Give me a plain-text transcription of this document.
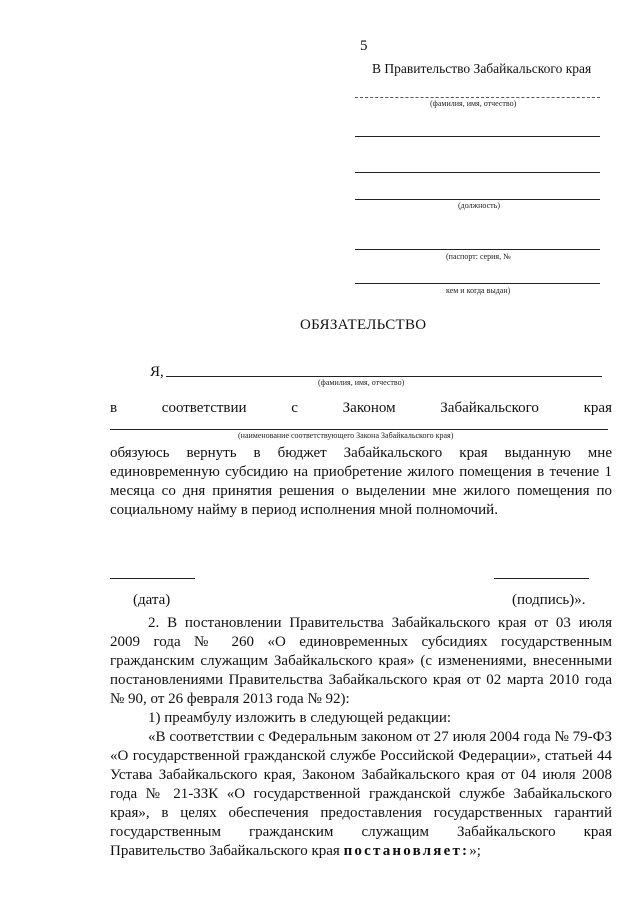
5
В Правительство Забайкальского края
(фамилия, имя, отчество)
(должность)
(паспорт: серия, №
кем и когда выдан)
ОБЯЗАТЕЛЬСТВО
Я,
(фамилия, имя, отчество)
в	соответствии	с	Законом	Забайкальского	края
(наименование соответствующего Закона Забайкальского края)

обязуюсь вернуть в бюджет Забайкальского края выданную мне единовременную субсидию на приобретение жилого помещения в течение 1 месяца со дня принятия решения о выделении мне жилого помещения по социальному найму в период исполнения мной полномочий.

(дата)	(подпись)».

2. В постановлении Правительства Забайкальского края от 03 июля 2009 года № 260 «О единовременных субсидиях государственным гражданским служащим Забайкальского края» (с изменениями, внесенными постановлениями Правительства Забайкальского края от 02 марта 2010 года № 90, от 26 февраля 2013 года № 92):

1) преамбулу изложить в следующей редакции:

«В соответствии с Федеральным законом от 27 июля 2004 года № 79-ФЗ «О государственной гражданской службе Российской Федерации», статьей 44 Устава Забайкальского края, Законом Забайкальского края от 04 июля 2008 года № 21-ЗЗК «О государственной гражданской службе Забайкальского края», в целях обеспечения предоставления государственных гарантий государственным гражданским служащим Забайкальского края Правительство Забайкальского края постановляет:»;
